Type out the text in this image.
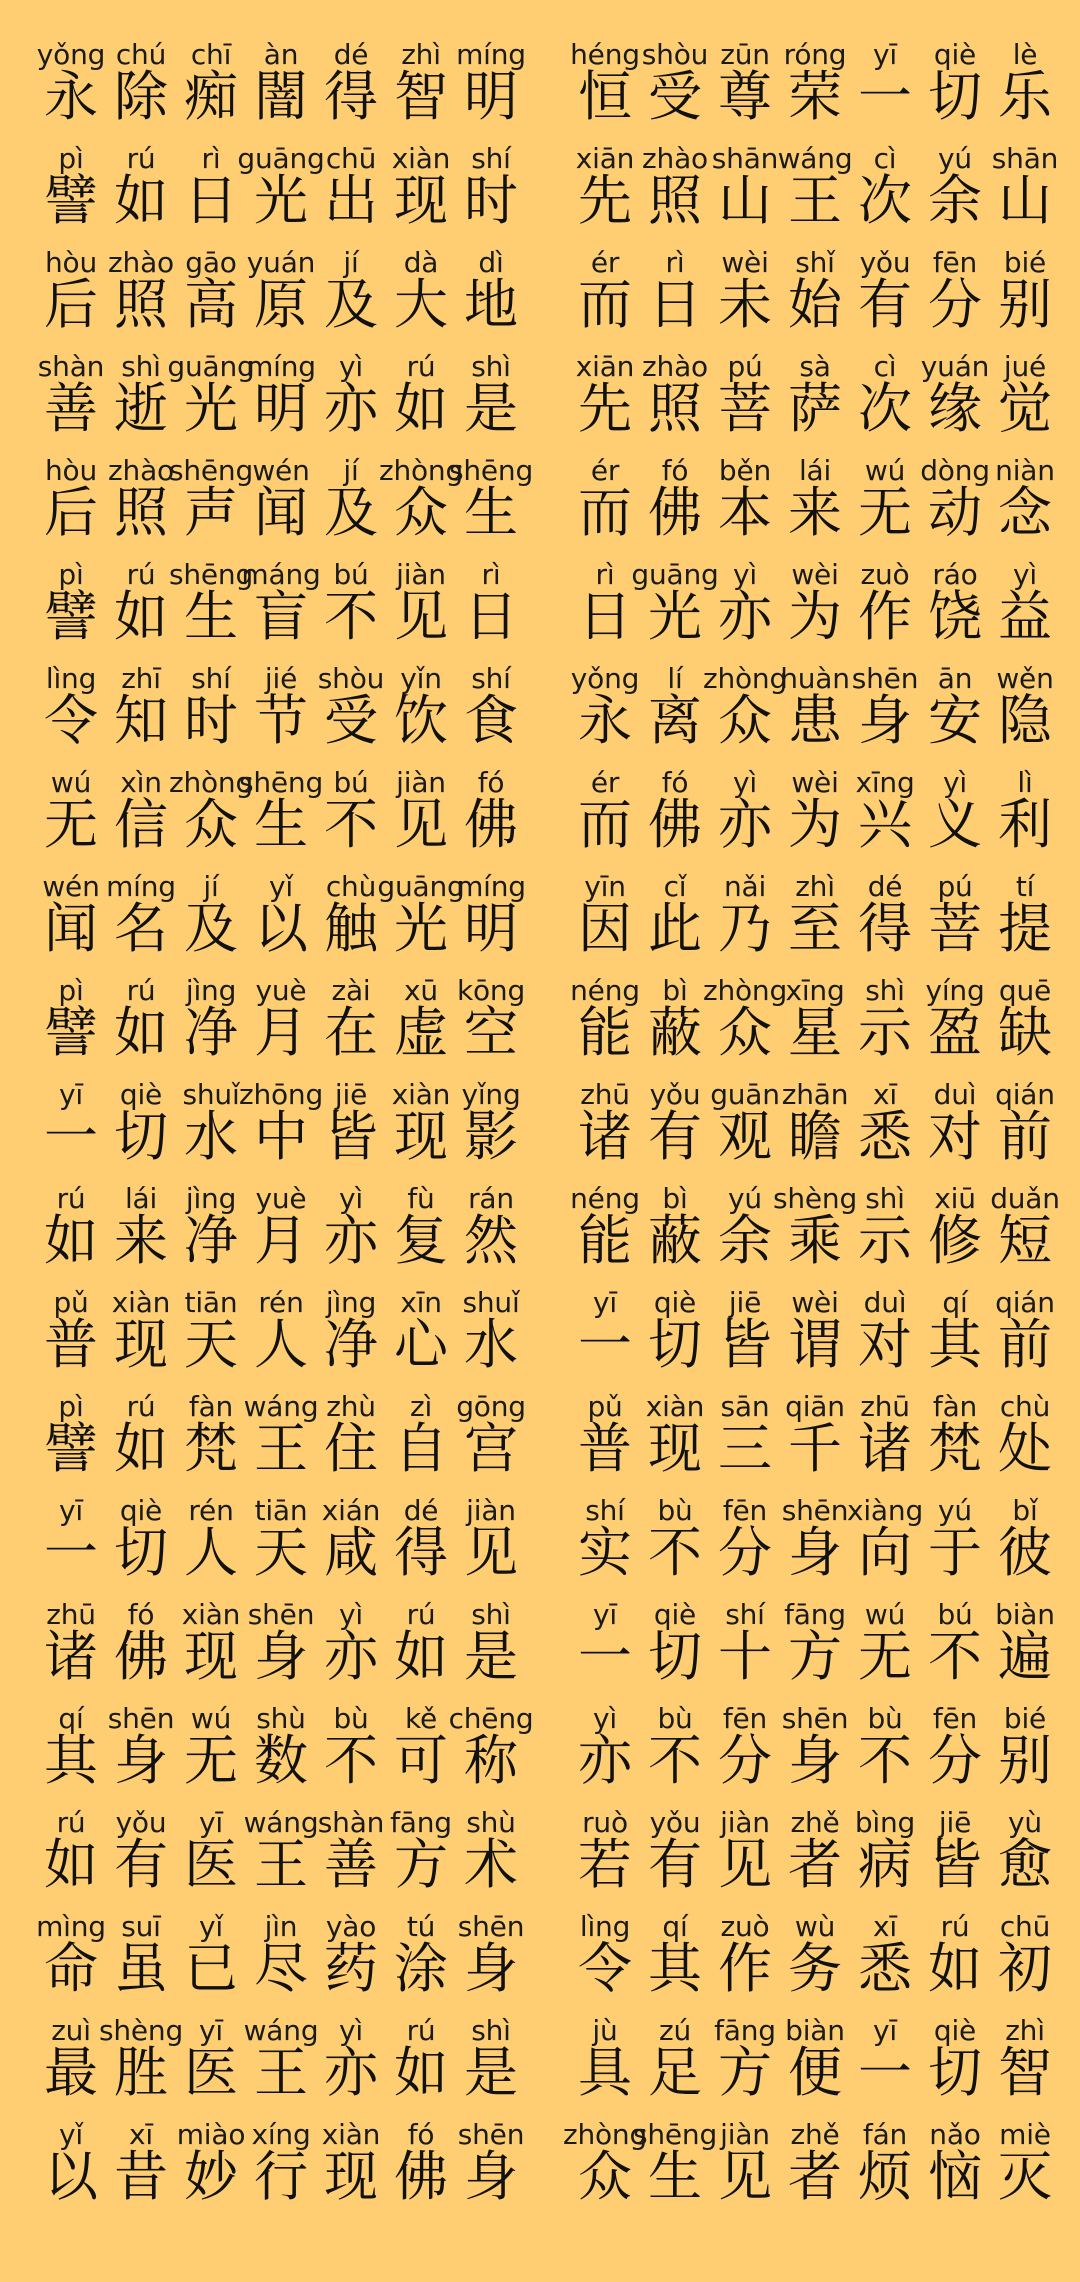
yǒng
永
chú
除
chī
痴
àn
闇
dé
得
zhì
智
míng
明
pì
譬
rú
如
rì
日
guāng
光
chū
出
xiàn
现
shí
时
hòu
后
zhào
照
gāo
高
yuán
原
jí
及
dà
大
dì
地
shàn
善
shì
逝
guāng
光
míng
明
yì
亦
rú
如
shì
是
hòu
后
zhào
照
shēng
声
wén
闻
jí
及
zhòng
众
shēng
生
pì
譬
rú
如
shēng
生
máng
盲
bú
不
jiàn
见
rì
日
lìng
令
zhī
知
shí
时
jié
节
shòu
受
yǐn
饮
shí
食
wú
无
xìn
信
zhòng
众
shēng
生
bú
不
jiàn
见
fó
佛
wén
闻
míng
名
jí
及
yǐ
以
chù
触
guāng
光
míng
明
pì
譬
rú
如
jìng
净
yuè
月
zài
在
xū
虚
kōng
空
yī
一
qiè
切
shuǐ
水
zhōng
中
jiē
皆
xiàn
现
yǐng
影
rú
如
lái
来
jìng
净
yuè
月
yì
亦
fù
复
rán
然
pǔ
普
xiàn
现
tiān
天
rén
人
jìng
净
xīn
心
shuǐ
水
pì
譬
rú
如
fàn
梵
wáng
王
zhù
住
zì
自
gōng
宫
yī
一
qiè
切
rén
人
tiān
天
xián
咸
dé
得
jiàn
见
zhū
诸
fó
佛
xiàn
现
shēn
身
yì
亦
rú
如
shì
是
qí
其
shēn
身
wú
无
shù
数
bù
不
kě
可
chēng
称
rú
如
yǒu
有
yī
医
wáng
王
shàn
善
fāng
方
shù
术
mìng
命
suī
虽
yǐ
已
jìn
尽
yào
药
tú
涂
shēn
身
zuì
最
shèng
胜
yī
医
wáng
王
yì
亦
rú
如
shì
是
yǐ
以
xī
昔
miào
妙
xíng
行
xiàn
现
fó
佛
shēn
身
héng
恒
shòu
受
zūn
尊
róng
荣
yī
一
qiè
切
lè
乐
xiān
先
zhào
照
shān
山
wáng
王
cì
次
yú
余
shān
山
ér
而
rì
日
wèi
未
shǐ
始
yǒu
有
fēn
分
bié
别
xiān
先
zhào
照
pú
菩
sà
萨
cì
次
yuán
缘
jué
觉
ér
而
fó
佛
běn
本
lái
来
wú
无
dòng
动
niàn
念
rì
日
guāng
光
yì
亦
wèi
为
zuò
作
ráo
饶
yì
益
yǒng
永
lí
离
zhòng
众
huàn
患
shēn
身
ān
安
wěn
隐
ér
而
fó
佛
yì
亦
wèi
为
xīng
兴
yì
义
lì
利
yīn
因
cǐ
此
nǎi
乃
zhì
至
dé
得
pú
菩
tí
提
néng
能
bì
蔽
zhòng
众
xīng
星
shì
示
yíng
盈
quē
缺
zhū
诸
yǒu
有
guān
观
zhān
瞻
xī
悉
duì
对
qián
前
néng
能
bì
蔽
yú
余
shèng
乘
shì
示
xiū
修
duǎn
短
yī
一
qiè
切
jiē
皆
wèi
谓
duì
对
qí
其
qián
前
pǔ
普
xiàn
现
sān
三
qiān
千
zhū
诸
fàn
梵
chù
处
shí
实
bù
不
fēn
分
shēn
身
xiàng
向
yú
于
bǐ
彼
yī
一
qiè
切
shí
十
fāng
方
wú
无
bú
不
biàn
遍
yì
亦
bù
不
fēn
分
shēn
身
bù
不
fēn
分
bié
别
ruò
若
yǒu
有
jiàn
见
zhě
者
bìng
病
jiē
皆
yù
愈
lìng
令
qí
其
zuò
作
wù
务
xī
悉
rú
如
chū
初
jù
具
zú
足
fāng
方
biàn
便
yī
一
qiè
切
zhì
智
zhòng
众
shēng
生
jiàn
见
zhě
者
fán
烦
nǎo
恼
miè
灭
